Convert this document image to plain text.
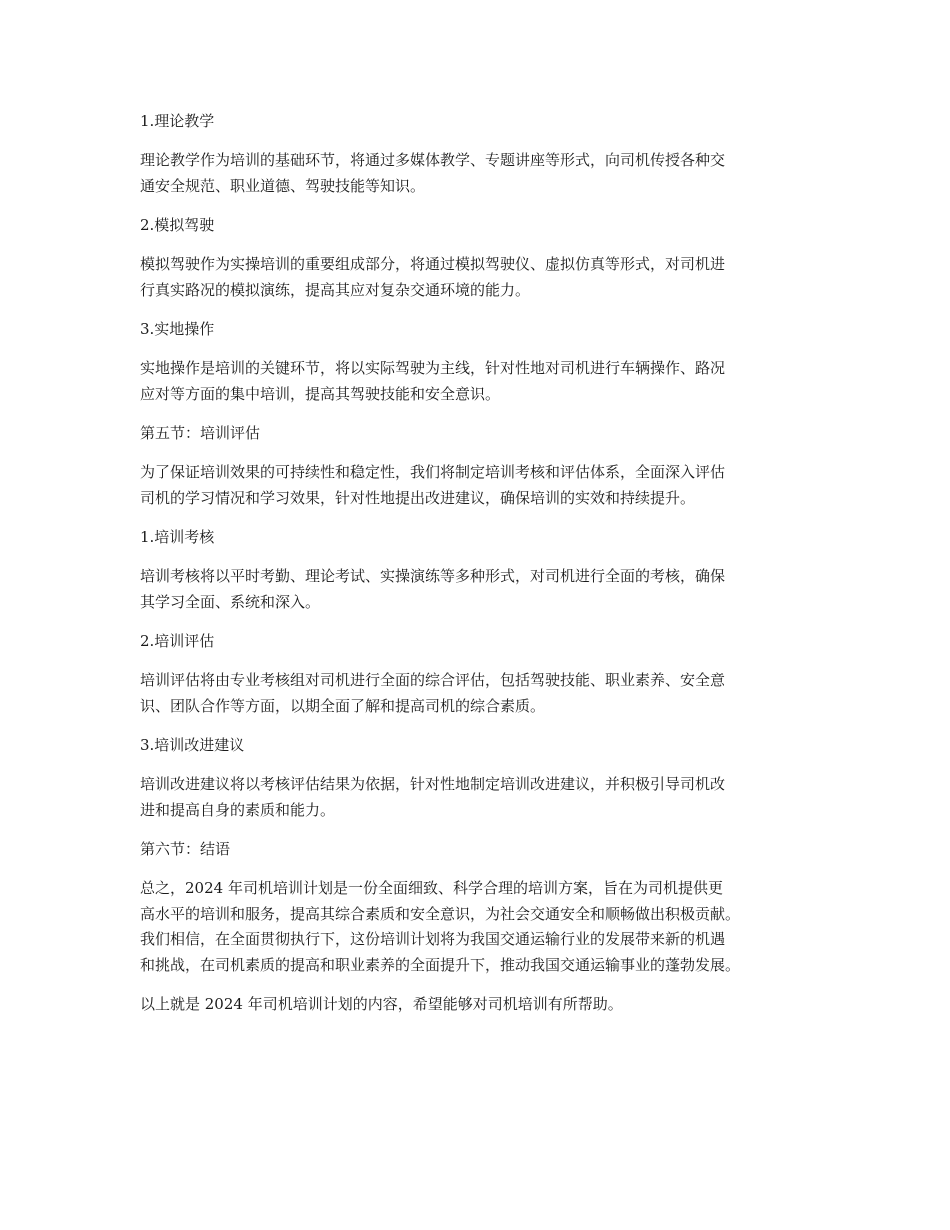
1.理论教学
理论教学作为培训的基础环节，将通过多媒体教学、专题讲座等形式，向司机传授各种交
通安全规范、职业道德、驾驶技能等知识。
2.模拟驾驶
模拟驾驶作为实操培训的重要组成部分，将通过模拟驾驶仪、虚拟仿真等形式，对司机进
行真实路况的模拟演练，提高其应对复杂交通环境的能力。
3.实地操作
实地操作是培训的关键环节，将以实际驾驶为主线，针对性地对司机进行车辆操作、路况
应对等方面的集中培训，提高其驾驶技能和安全意识。
第五节：培训评估
为了保证培训效果的可持续性和稳定性，我们将制定培训考核和评估体系，全面深入评估
司机的学习情况和学习效果，针对性地提出改进建议，确保培训的实效和持续提升。
1.培训考核
培训考核将以平时考勤、理论考试、实操演练等多种形式，对司机进行全面的考核，确保
其学习全面、系统和深入。
2.培训评估
培训评估将由专业考核组对司机进行全面的综合评估，包括驾驶技能、职业素养、安全意
识、团队合作等方面，以期全面了解和提高司机的综合素质。
3.培训改进建议
培训改进建议将以考核评估结果为依据，针对性地制定培训改进建议，并积极引导司机改
进和提高自身的素质和能力。
第六节：结语
总之，2024 年司机培训计划是一份全面细致、科学合理的培训方案，旨在为司机提供更
高水平的培训和服务，提高其综合素质和安全意识，为社会交通安全和顺畅做出积极贡献。
我们相信，在全面贯彻执行下，这份培训计划将为我国交通运输行业的发展带来新的机遇
和挑战，在司机素质的提高和职业素养的全面提升下，推动我国交通运输事业的蓬勃发展。
以上就是 2024 年司机培训计划的内容，希望能够对司机培训有所帮助。
